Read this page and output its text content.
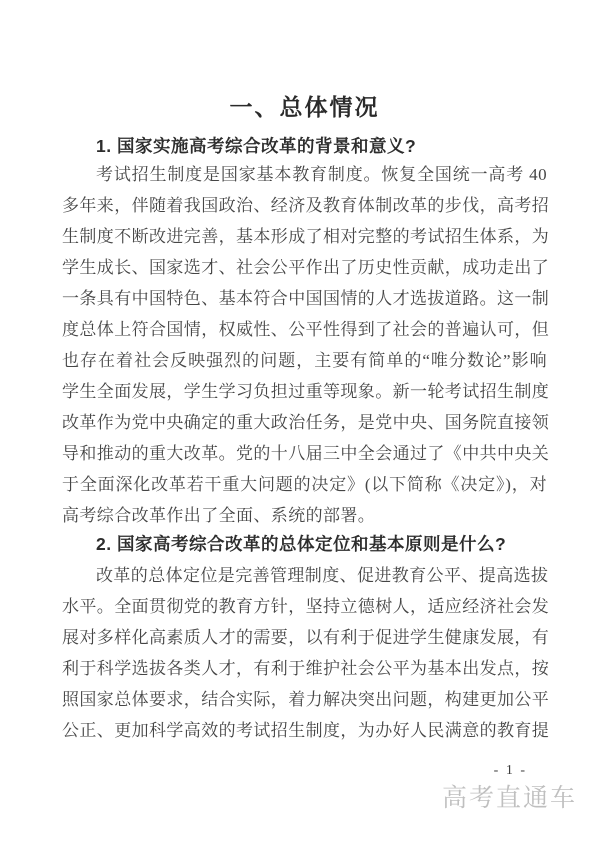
一、总体情况
1. 国家实施高考综合改革的背景和意义?
考试招生制度是国家基本教育制度。恢复全国统一高考 40
多年来，伴随着我国政治、经济及教育体制改革的步伐，高考招
生制度不断改进完善，基本形成了相对完整的考试招生体系，为
学生成长、国家选才、社会公平作出了历史性贡献，成功走出了
一条具有中国特色、基本符合中国国情的人才选拔道路。这一制
度总体上符合国情，权威性、公平性得到了社会的普遍认可，但
也存在着社会反映强烈的问题，主要有简单的“唯分数论”影响
学生全面发展，学生学习负担过重等现象。新一轮考试招生制度
改革作为党中央确定的重大政治任务，是党中央、国务院直接领
导和推动的重大改革。党的十八届三中全会通过了《中共中央关
于全面深化改革若干重大问题的决定》(以下简称《决定》)，对
高考综合改革作出了全面、系统的部署。
2. 国家高考综合改革的总体定位和基本原则是什么?
改革的总体定位是完善管理制度、促进教育公平、提高选拔
水平。全面贯彻党的教育方针，坚持立德树人，适应经济社会发
展对多样化高素质人才的需要，以有利于促进学生健康发展，有
利于科学选拔各类人才，有利于维护社会公平为基本出发点，按
照国家总体要求，结合实际，着力解决突出问题，构建更加公平
公正、更加科学高效的考试招生制度，为办好人民满意的教育提
- 1 -
高考直通车
